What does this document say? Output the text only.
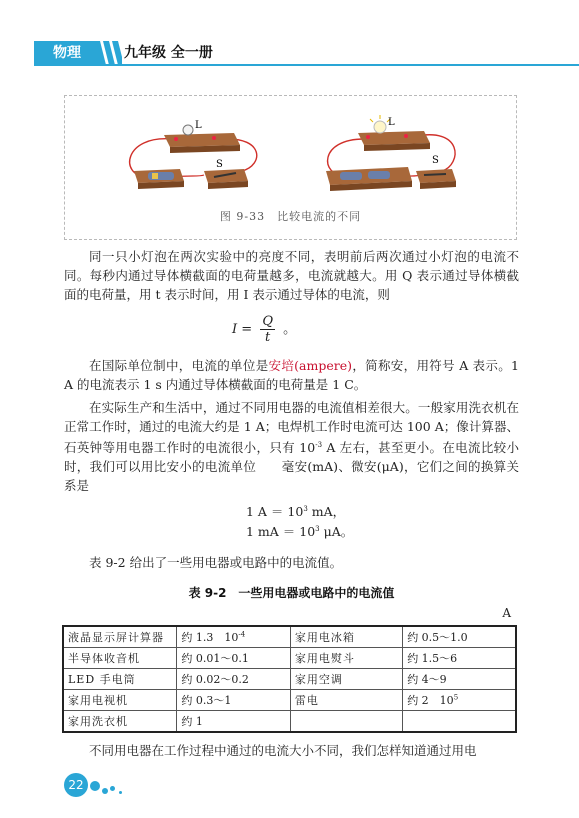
物理	九年级 全一册
L
S
L
S
图 9-33　比较电流的不同
同一只小灯泡在两次实验中的亮度不同，表明前后两次通过小灯泡的电流不同。每秒内通过导体横截面的电荷量越多，电流就越大。用 Q 表示通过导体横截面的电荷量，用 t 表示时间，用 I 表示通过导体的电流，则
$I = \frac{Q}{t}$ 。
在国际单位制中，电流的单位是安培(ampere)，简称安，用符号 A 表示。1 A 的电流表示 1 s 内通过导体横截面的电荷量是 1 C。
在实际生产和生活中，通过不同用电器的电流值相差很大。一般家用洗衣机在正常工作时，通过的电流大约是 1 A；电焊机工作时电流可达 100 A；像计算器、石英钟等用电器工作时的电流很小，只有 $10^{-3}$ A 左右，甚至更小。在电流比较小时，我们可以用比安小的电流单位　　毫安(mA)、微安(μA)，它们之间的换算关系是
1 $A = 10^3$ mA，
1 mA ＝ $10^3$ μA。
表 9-2 给出了一些用电器或电路中的电流值。
表 9-2　一些用电器或电路中的电流值
A
液晶显示屏计算器	约 1.3　$10^{-4}$	家用电冰箱	约 0.5～1.0
半导体收音机	约 0.01～0.1	家用电熨斗	约 1.5～6
LED 手电筒	约 0.02～0.2	家用空调	约 4～9
家用电视机	约 0.3～1	雷电	约 2　$10^5$
家用洗衣机	约 1		
不同用电器在工作过程中通过的电流大小不同，我们怎样知道通过用电
22
